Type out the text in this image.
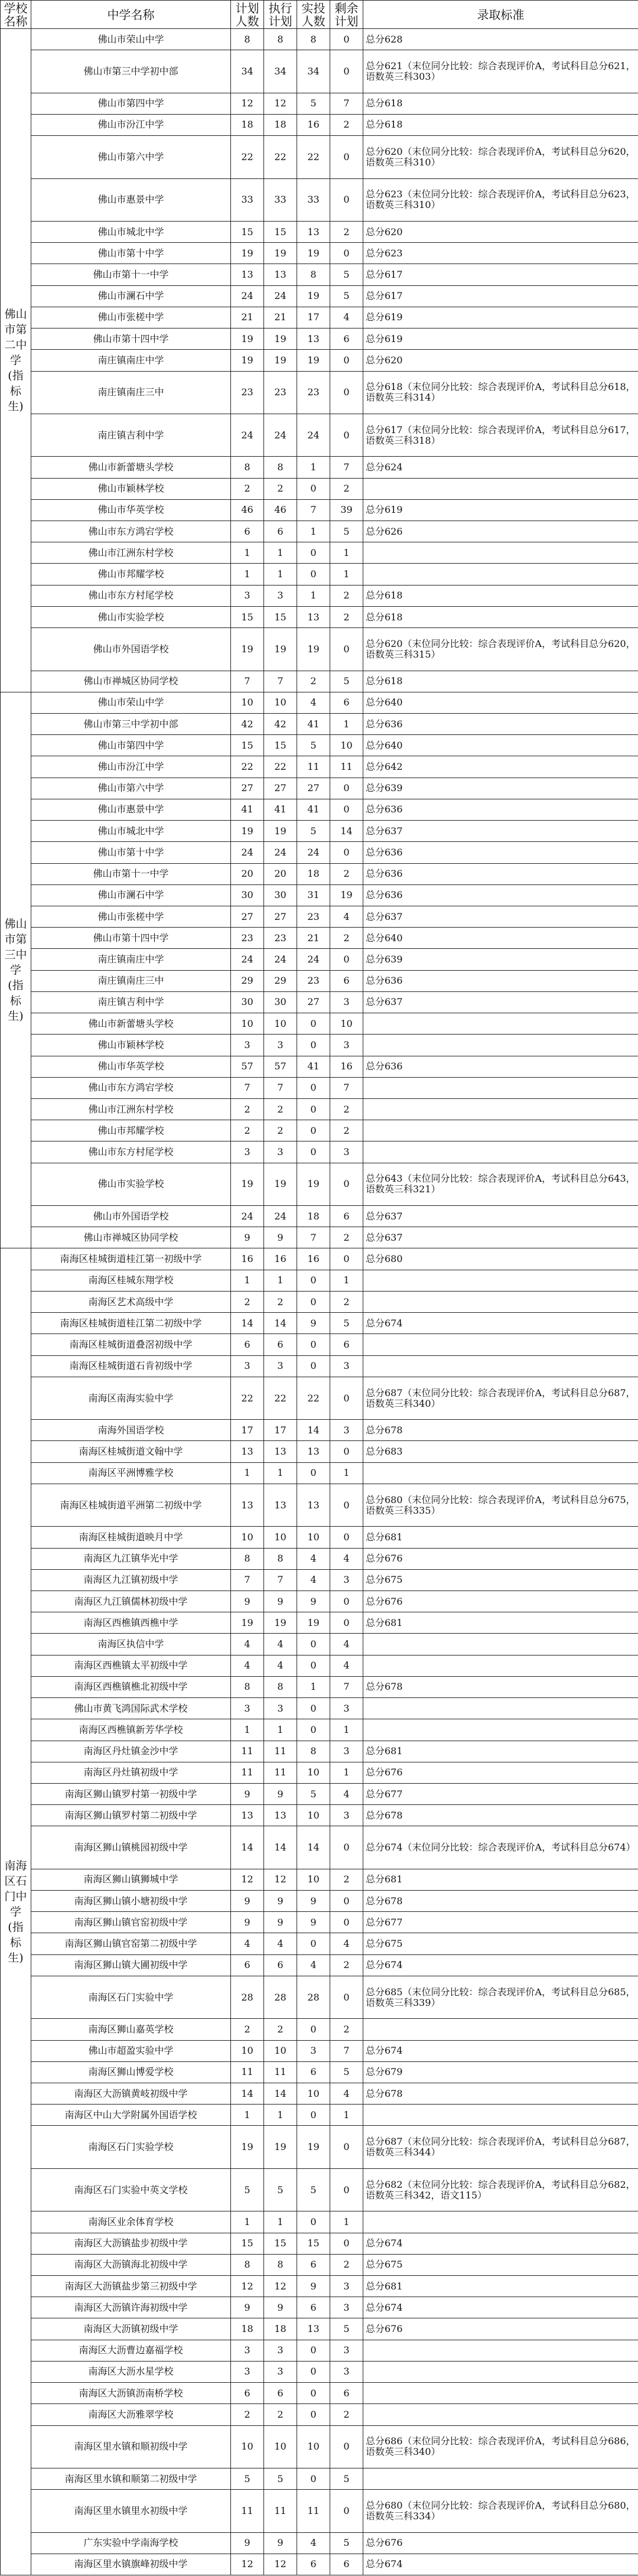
学校名称	中学名称	计划人数	执行计划	实投人数	剩余计划	录取标准
佛山市第二中学(指标生)	佛山市荣山中学	8	8	8	0	总分628
	佛山市第三中学初中部	34	34	34	0	总分621（末位同分比较：综合表现评价A，考试科目总分621，语数英三科303）
	佛山市第四中学	12	12	5	7	总分618
	佛山市汾江中学	18	18	16	2	总分618
	佛山市第六中学	22	22	22	0	总分620（末位同分比较：综合表现评价A，考试科目总分620，语数英三科310）
	佛山市惠景中学	33	33	33	0	总分623（末位同分比较：综合表现评价A，考试科目总分623，语数英三科310）
	佛山市城北中学	15	15	13	2	总分620
	佛山市第十中学	19	19	19	0	总分623
	佛山市第十一中学	13	13	8	5	总分617
	佛山市澜石中学	24	24	19	5	总分617
	佛山市张槎中学	21	21	17	4	总分619
	佛山市第十四中学	19	19	13	6	总分619
	南庄镇南庄中学	19	19	19	0	总分620
	南庄镇南庄三中	23	23	23	0	总分618（末位同分比较：综合表现评价A，考试科目总分618，语数英三科314）
	南庄镇吉利中学	24	24	24	0	总分617（末位同分比较：综合表现评价A，考试科目总分617，语数英三科318）
	佛山市新蕾塘头学校	8	8	1	7	总分624
	佛山市颖林学校	2	2	0	2	
	佛山市华英学校	46	46	7	39	总分619
	佛山市东方鸿宕学校	6	6	1	5	总分626
	佛山市江洲东村学校	1	1	0	1	
	佛山市邦耀学校	1	1	0	1	
	佛山市东方村尾学校	3	3	1	2	总分618
	佛山市实验学校	15	15	13	2	总分618
	佛山市外国语学校	19	19	19	0	总分620（末位同分比较：综合表现评价A，考试科目总分620，语数英三科315）
	佛山市禅城区协同学校	7	7	2	5	总分618
佛山市第三中学(指标生)	佛山市荣山中学	10	10	4	6	总分640
	佛山市第三中学初中部	42	42	41	1	总分636
	佛山市第四中学	15	15	5	10	总分640
	佛山市汾江中学	22	22	11	11	总分642
	佛山市第六中学	27	27	27	0	总分639
	佛山市惠景中学	41	41	41	0	总分636
	佛山市城北中学	19	19	5	14	总分637
	佛山市第十中学	24	24	24	0	总分636
	佛山市第十一中学	20	20	18	2	总分636
	佛山市澜石中学	30	30	31	19	总分636
	佛山市张槎中学	27	27	23	4	总分637
	佛山市第十四中学	23	23	21	2	总分640
	南庄镇南庄中学	24	24	24	0	总分639
	南庄镇南庄三中	29	29	23	6	总分636
	南庄镇吉利中学	30	30	27	3	总分637
	佛山市新蕾塘头学校	10	10	0	10	
	佛山市颖林学校	3	3	0	3	
	佛山市华英学校	57	57	41	16	总分636
	佛山市东方鸿宕学校	7	7	0	7	
	佛山市江洲东村学校	2	2	0	2	
	佛山市邦耀学校	2	2	0	2	
	佛山市东方村尾学校	3	3	0	3	
	佛山市实验学校	19	19	19	0	总分643（末位同分比较：综合表现评价A，考试科目总分643，语数英三科321）
	佛山市外国语学校	24	24	18	6	总分637
	佛山市禅城区协同学校	9	9	7	2	总分637
南海区石门中学(指标生)	南海区桂城街道桂江第一初级中学	16	16	16	0	总分680
	南海区桂城东翔学校	1	1	0	1	
	南海区艺术高级中学	2	2	0	2	
	南海区桂城街道桂江第二初级中学	14	14	9	5	总分674
	南海区桂城街道叠滘初级中学	6	6	0	6	
	南海区桂城街道石肯初级中学	3	3	0	3	
	南海区南海实验中学	22	22	22	0	总分687（末位同分比较：综合表现评价A，考试科目总分687，语数英三科340）
	南海外国语学校	17	17	14	3	总分678
	南海区桂城街道文翰中学	13	13	13	0	总分683
	南海区平洲博雅学校	1	1	0	1	
	南海区桂城街道平洲第二初级中学	13	13	13	0	总分680（末位同分比较：综合表现评价A，考试科目总分675，语数英三科335）
	南海区桂城街道映月中学	10	10	10	0	总分681
	南海区九江镇华光中学	8	8	4	4	总分676
	南海区九江镇初级中学	7	7	4	3	总分675
	南海区九江镇儒林初级中学	9	9	9	0	总分676
	南海区西樵镇西樵中学	19	19	19	0	总分681
	南海区执信中学	4	4	0	4	
	南海区西樵镇太平初级中学	4	4	0	4	
	南海区西樵镇樵北初级中学	8	8	1	7	总分678
	佛山市黄飞鸿国际武术学校	3	3	0	3	
	南海区西樵镇新芳华学校	1	1	0	1	
	南海区丹灶镇金沙中学	11	11	8	3	总分681
	南海区丹灶镇初级中学	11	11	10	1	总分676
	南海区狮山镇罗村第一初级中学	9	9	5	4	总分677
	南海区狮山镇罗村第二初级中学	13	13	10	3	总分678
	南海区狮山镇桃园初级中学	14	14	14	0	总分674（末位同分比较：综合表现评价A，考试科目总分674）
	南海区狮山镇狮城中学	12	12	10	2	总分681
	南海区狮山镇小塘初级中学	9	9	9	0	总分678
	南海区狮山镇官窑初级中学	9	9	9	0	总分677
	南海区狮山镇官窑第二初级中学	4	4	0	4	总分675
	南海区狮山镇大圃初级中学	6	6	4	2	总分674
	南海区石门实验中学	28	28	28	0	总分685（末位同分比较：综合表现评价A，考试科目总分685，语数英三科339）
	南海区狮山嘉英学校	2	2	0	2	
	佛山市超盈实验中学	10	10	3	7	总分674
	南海区狮山博爱学校	11	11	6	5	总分679
	南海区大沥镇黄岐初级中学	14	14	10	4	总分678
	南海区中山大学附属外国语学校	1	1	0	1	
	南海区石门实验学校	19	19	19	0	总分687（末位同分比较：综合表现评价A，考试科目总分687，语数英三科344）
	南海区石门实验中英文学校	5	5	5	0	总分682（末位同分比较：综合表现评价A，考试科目总分682，语数英三科342，语文115）
	南海区业余体育学校	1	1	0	1	
	南海区大沥镇盐步初级中学	15	15	15	0	总分674
	南海区大沥镇海北初级中学	8	8	6	2	总分675
	南海区大沥镇盐步第三初级中学	12	12	9	3	总分681
	南海区大沥镇许海初级中学	9	9	6	3	总分674
	南海区大沥镇初级中学	18	18	13	5	总分676
	南海区大沥曹边嘉福学校	3	3	0	3	
	南海区大沥水星学校	3	3	0	3	
	南海区大沥镇沥南桥学校	6	6	0	6	
	南海区大沥雅翠学校	2	2	0	2	
	南海区里水镇和顺初级中学	10	10	10	0	总分686（末位同分比较：综合表现评价A，考试科目总分686，语数英三科340）
	南海区里水镇和顺第二初级中学	5	5	0	5	
	南海区里水镇里水初级中学	11	11	11	0	总分680（末位同分比较：综合表现评价A，考试科目总分680，语数英三科334）
	广东实验中学南海学校	9	9	4	5	总分676
	南海区里水镇旗峰初级中学	12	12	6	6	总分674
